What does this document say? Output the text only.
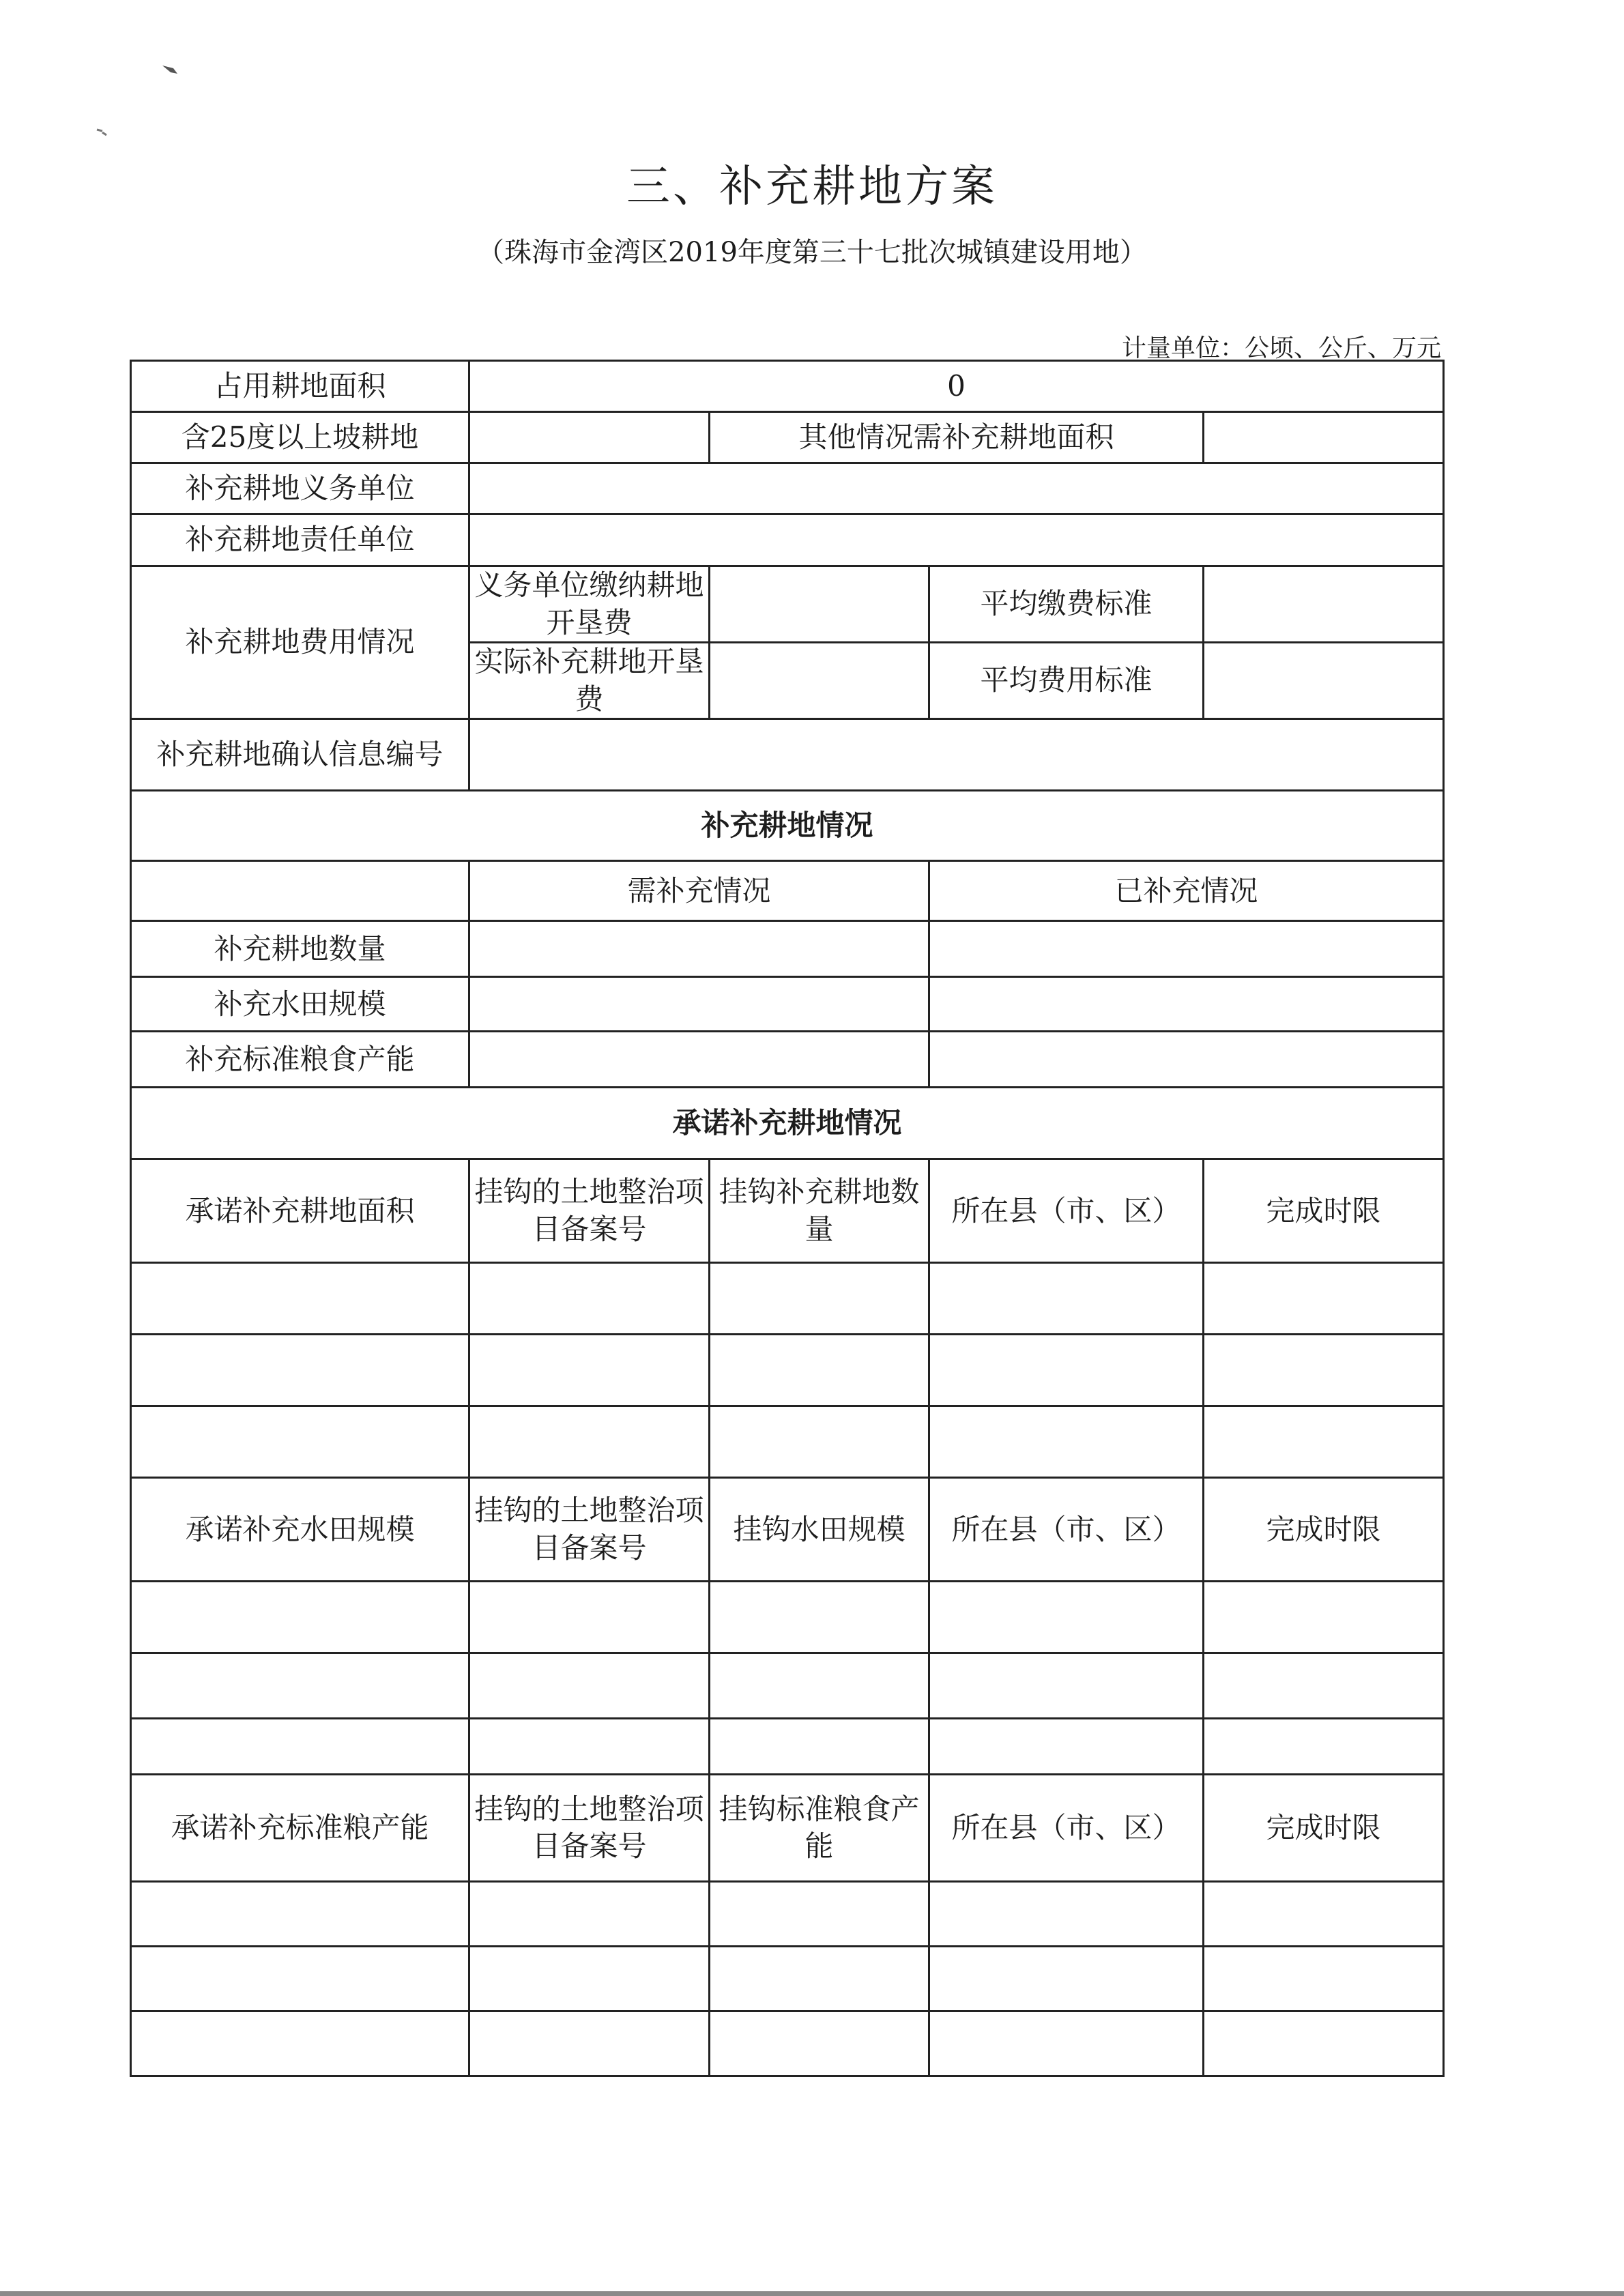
三、补充耕地方案
（珠海市金湾区2019年度第三十七批次城镇建设用地）
计量单位：公顷、公斤、万元
占用耕地面积	0			
含25度以上坡耕地		其他情况需补充耕地面积		
补充耕地义务单位				
补充耕地责任单位				
补充耕地费用情况	义务单位缴纳耕地开垦费		平均缴费标准	
	实际补充耕地开垦费		平均费用标准	
补充耕地确认信息编号				
补充耕地情况				
	需补充情况		已补充情况	
补充耕地数量				
补充水田规模				
补充标准粮食产能				
承诺补充耕地情况				
承诺补充耕地面积	挂钩的土地整治项目备案号	挂钩补充耕地数量	所在县（市、区）	完成时限

承诺补充水田规模	挂钩的土地整治项目备案号	挂钩水田规模	所在县（市、区）	完成时限

承诺补充标准粮产能	挂钩的土地整治项目备案号	挂钩标准粮食产能	所在县（市、区）	完成时限
